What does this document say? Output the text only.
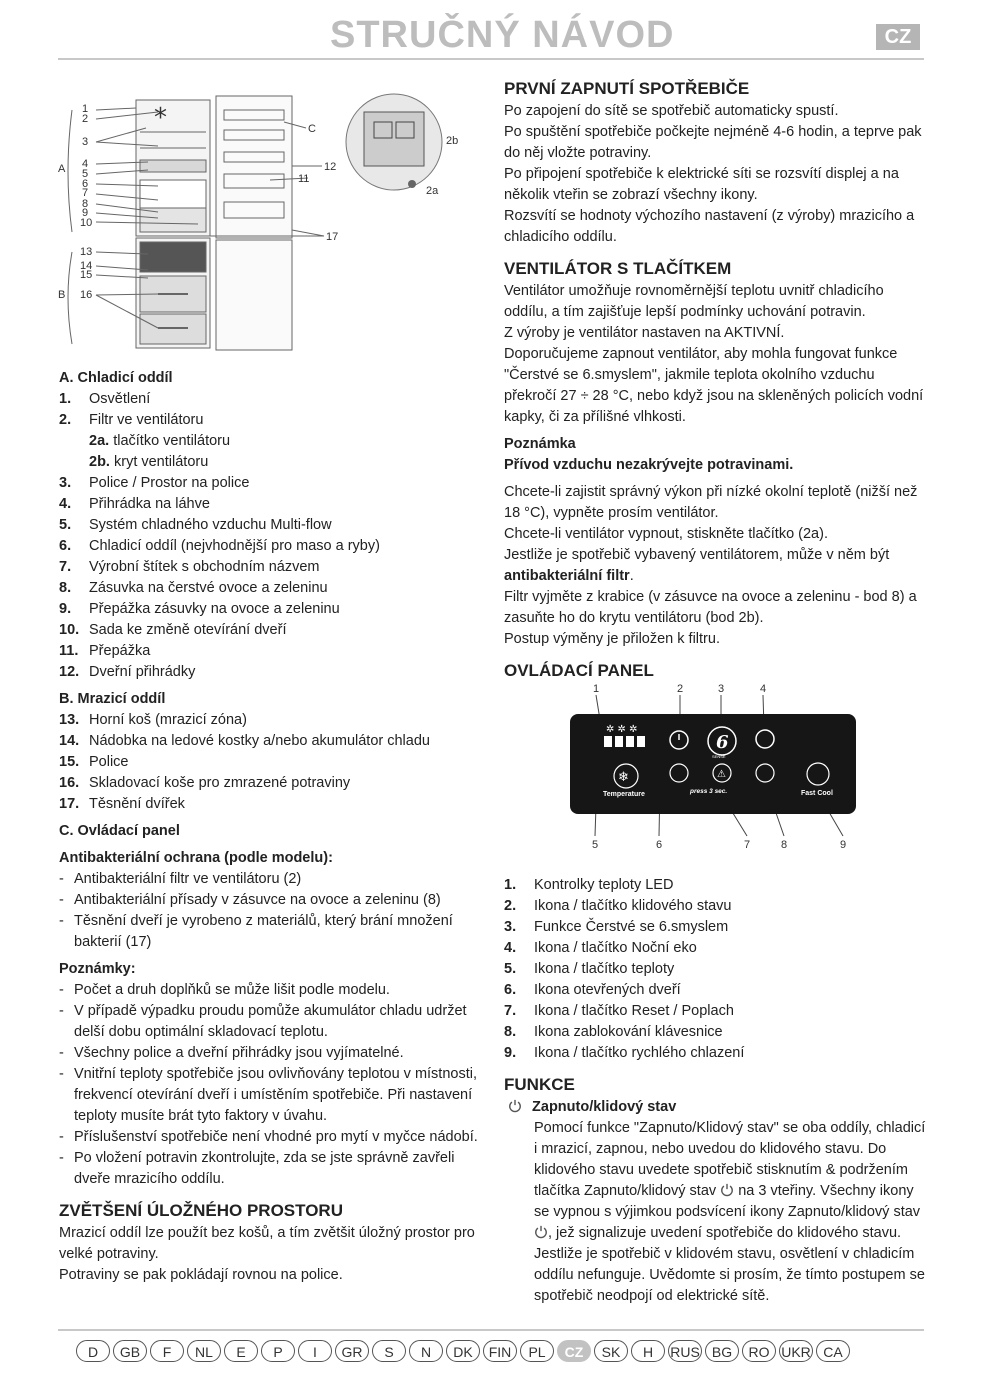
STRUČNÝ NÁVOD	CZ
*
1
2
3
4
5
6
7
8
9
10
13
14
15
16
A
B
C
12
11
17
2a
2b

A. Chladicí oddíl

1. Osvětlení
2. Filtr ve ventilátoru
2a. tlačítko ventilátoru
2b. kryt ventilátoru
3. Police / Prostor na police
4. Přihrádka na láhve
5. Systém chladného vzduchu Multi-flow
6. Chladicí oddíl (nejvhodnější pro maso a ryby)
7. Výrobní štítek s obchodním názvem
8. Zásuvka na čerstvé ovoce a zeleninu
9. Přepážka zásuvky na ovoce a zeleninu
10. Sada ke změně otevírání dveří
11. Přepážka
12. Dveřní přihrádky

B. Mrazicí oddíl

13. Horní koš (mrazicí zóna)
14. Nádobka na ledové kostky a/nebo akumulátor chladu
15. Police
16. Skladovací koše pro zmrazené potraviny
17. Těsnění dvířek

C. Ovládací panel

Antibakteriální ochrana (podle modelu):

- Antibakteriální filtr ve ventilátoru (2)
- Antibakteriální přísady v zásuvce na ovoce a zeleninu (8)
- Těsnění dveří je vyrobeno z materiálů, který brání množení bakterií (17)

Poznámky:

- Počet a druh doplňků se může lišit podle modelu.
- V případě výpadku proudu pomůže akumulátor chladu udržet delší dobu optimální skladovací teplotu.
- Všechny police a dveřní přihrádky jsou vyjímatelné.
- Vnitřní teploty spotřebiče jsou ovlivňovány teplotou v místnosti, frekvencí otevírání dveří i umístěním spotřebiče. Při nastavení teploty musíte brát tyto faktory v úvahu.
- Příslušenství spotřebiče není vhodné pro mytí v myčce nádobí.
- Po vložení potravin zkontrolujte, zda se jste správně zavřeli dveře mrazicího oddílu.
ZVĚTŠENÍ ÚLOŽNÉHO PROSTORU

Mrazicí oddíl lze použít bez košů, a tím zvětšit úložný prostor pro velké potraviny.

Potraviny se pak pokládají rovnou na police.

PRVNÍ ZAPNUTÍ SPOTŘEBIČE

Po zapojení do sítě se spotřebič automaticky spustí.

Po spuštění spotřebiče počkejte nejméně 4-6 hodin, a teprve pak do něj vložte potraviny.

Po připojení spotřebiče k elektrické síti se rozsvítí displej a na několik vteřin se zobrazí všechny ikony.

Rozsvítí se hodnoty výchozího nastavení (z výroby) mrazicího a chladicího oddílu.

VENTILÁTOR S TLAČÍTKEM

Ventilátor umožňuje rovnoměrnější teplotu uvnitř chladicího oddílu, a tím zajišťuje lepší podmínky uchování potravin.

Z výroby je ventilátor nastaven na AKTIVNÍ.

Doporučujeme zapnout ventilátor, aby mohla fungovat funkce "Čerstvé se 6.smyslem", jakmile teplota okolního vzduchu překročí 27 ÷ 28 °C, nebo když jsou na skleněných policích vodní kapky, či za přílišné vlhkosti.

Poznámka

Přívod vzduchu nezakrývejte potravinami.

Chcete-li zajistit správný výkon při nízké okolní teplotě (nižší než 18 °C), vypněte prosím ventilátor.

Chcete-li ventilátor vypnout, stiskněte tlačítko (2a).

Jestliže je spotřebič vybavený ventilátorem, může v něm být antibakteriální filtr.

Filtr vyjměte z krabice (v zásuvce na ovoce a zeleninu - bod 8) a zasuňte ho do krytu ventilátoru (bod 2b).

Postup výměny je přiložen k filtru.

OVLÁDACÍ PANEL
1. Kontrolky teploty LED
2. Ikona / tlačítko klidového stavu
3. Funkce Čerstvé se 6.smyslem
4. Ikona / tlačítko Noční eko
5. Ikona / tlačítko teploty
6. Ikona otevřených dveří
7. Ikona / tlačítko Reset / Poplach
8. Ikona zablokování klávesnice
9. Ikona / tlačítko rychlého chlazení
FUNKCE

Zapnuto/klidový stav

Pomocí funkce "Zapnuto/Klidový stav" se oba oddíly, chladicí i mrazicí, zapnou, nebo uvedou do klidového stavu. Do klidového stavu uvedete spotřebič stisknutím & podržením tlačítka Zapnuto/klidový stav na 3 vteřiny. Všechny ikony se vypnou s výjimkou podsvícení ikony Zapnuto/klidový stav , jež signalizuje uvedení spotřebiče do klidového stavu. Jestliže je spotřebič v klidovém stavu, osvětlení v chladicím oddílu nefunguje. Uvědomte si prosím, že tímto postupem se spotřebič neodpojí od elektrické sítě.

1	2	3	4
5	6	7	8	9
✲ ✲ ✲
6
SENSE
❄
Temperature
⚠
press 3 sec.	Fast Cool
D	GB	F	NL	E	P	I	GR	S	N	DK	FIN	PL	CZ	SK	H	RUS BG	RO UKR CA
